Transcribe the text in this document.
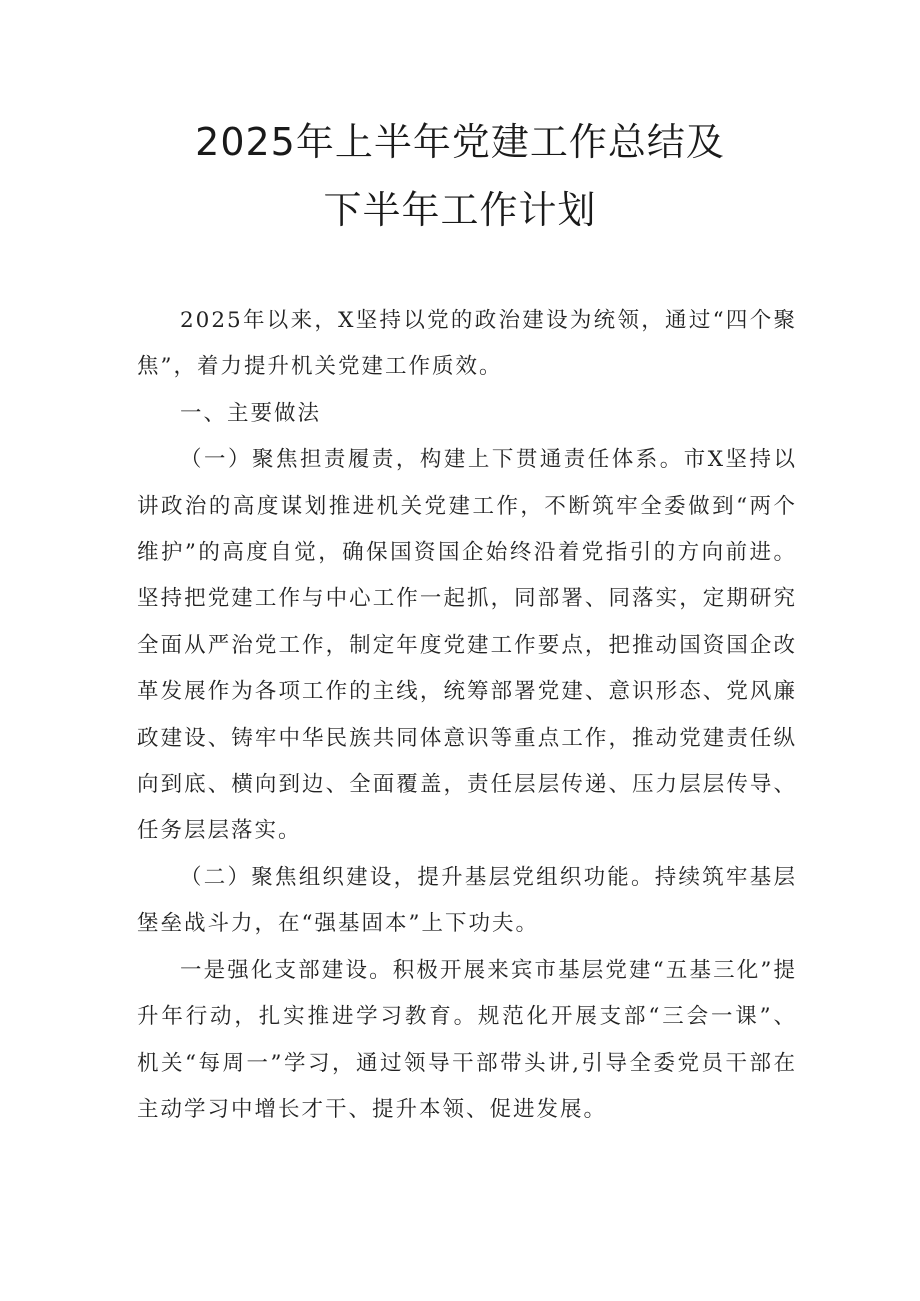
2025年上半年党建工作总结及
下半年工作计划

2025年以来，X坚持以党的政治建设为统领，通过“四个聚焦”，着力提升机关党建工作质效。

一、主要做法

（一）聚焦担责履责，构建上下贯通责任体系。市X坚持以讲政治的高度谋划推进机关党建工作，不断筑牢全委做到“两个维护”的高度自觉，确保国资国企始终沿着党指引的方向前进。坚持把党建工作与中心工作一起抓，同部署、同落实，定期研究全面从严治党工作，制定年度党建工作要点，把推动国资国企改革发展作为各项工作的主线，统筹部署党建、意识形态、党风廉政建设、铸牢中华民族共同体意识等重点工作，推动党建责任纵向到底、横向到边、全面覆盖，责任层层传递、压力层层传导、任务层层落实。

（二）聚焦组织建设，提升基层党组织功能。持续筑牢基层堡垒战斗力，在“强基固本”上下功夫。

一是强化支部建设。积极开展来宾市基层党建“五基三化”提升年行动，扎实推进学习教育。规范化开展支部“三会一课”、机关“每周一”学习，通过领导干部带头讲,引导全委党员干部在主动学习中增长才干、提升本领、促进发展。
